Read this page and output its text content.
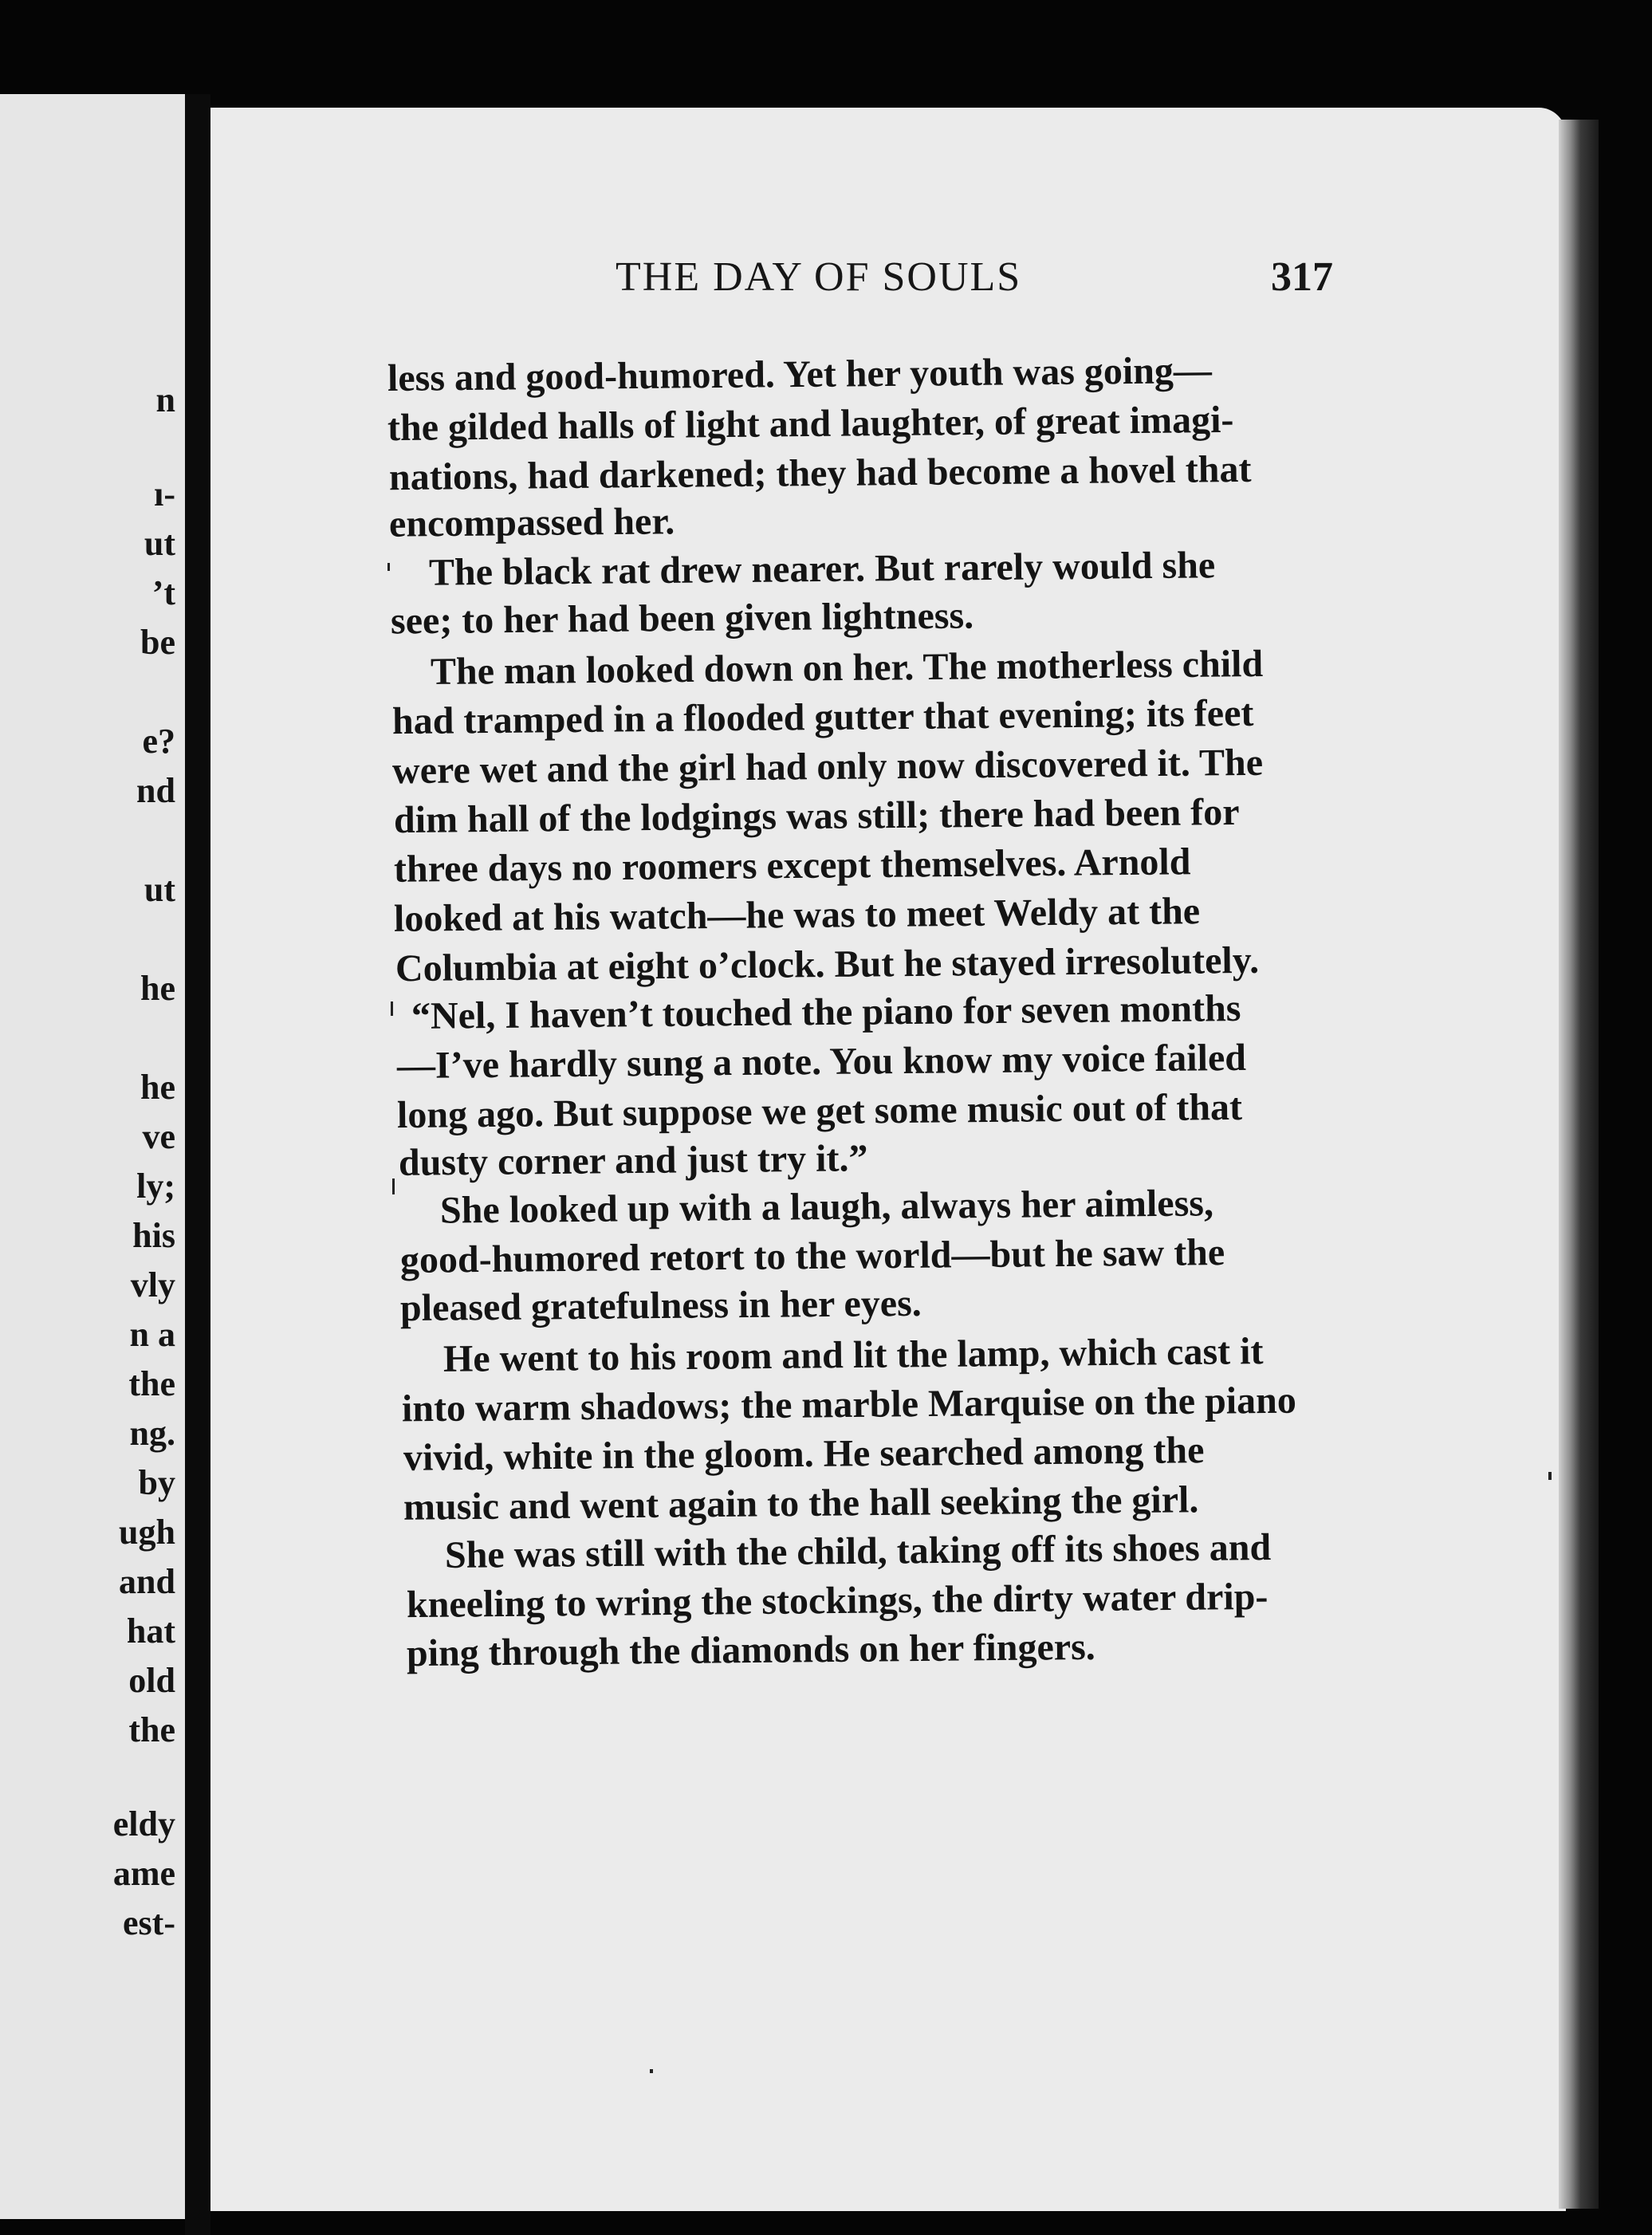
n
ı-
ut
’t
be
e?
nd
ut
he
he
ve
ly;
his
vly
n a
the
ng.
by
ugh
and
hat
old
the
eldy
ame
est-
THE DAY OF SOULS	317
less and good-humored. Yet her youth was going—
the gilded halls of light and laughter, of great imagi-
nations, had darkened; they had become a hovel that
encompassed her.
The black rat drew nearer. But rarely would she
see; to her had been given lightness.
The man looked down on her. The motherless child
had tramped in a flooded gutter that evening; its feet
were wet and the girl had only now discovered it. The
dim hall of the lodgings was still; there had been for
three days no roomers except themselves. Arnold
looked at his watch—he was to meet Weldy at the
Columbia at eight o’clock. But he stayed irresolutely.
“Nel, I haven’t touched the piano for seven months
—I’ve hardly sung a note. You know my voice failed
long ago. But suppose we get some music out of that
dusty corner and just try it.”
She looked up with a laugh, always her aimless,
good-humored retort to the world—but he saw the
pleased gratefulness in her eyes.
He went to his room and lit the lamp, which cast it
into warm shadows; the marble Marquise on the piano
vivid, white in the gloom. He searched among the
music and went again to the hall seeking the girl.
She was still with the child, taking off its shoes and
kneeling to wring the stockings, the dirty water drip-
ping through the diamonds on her fingers.
